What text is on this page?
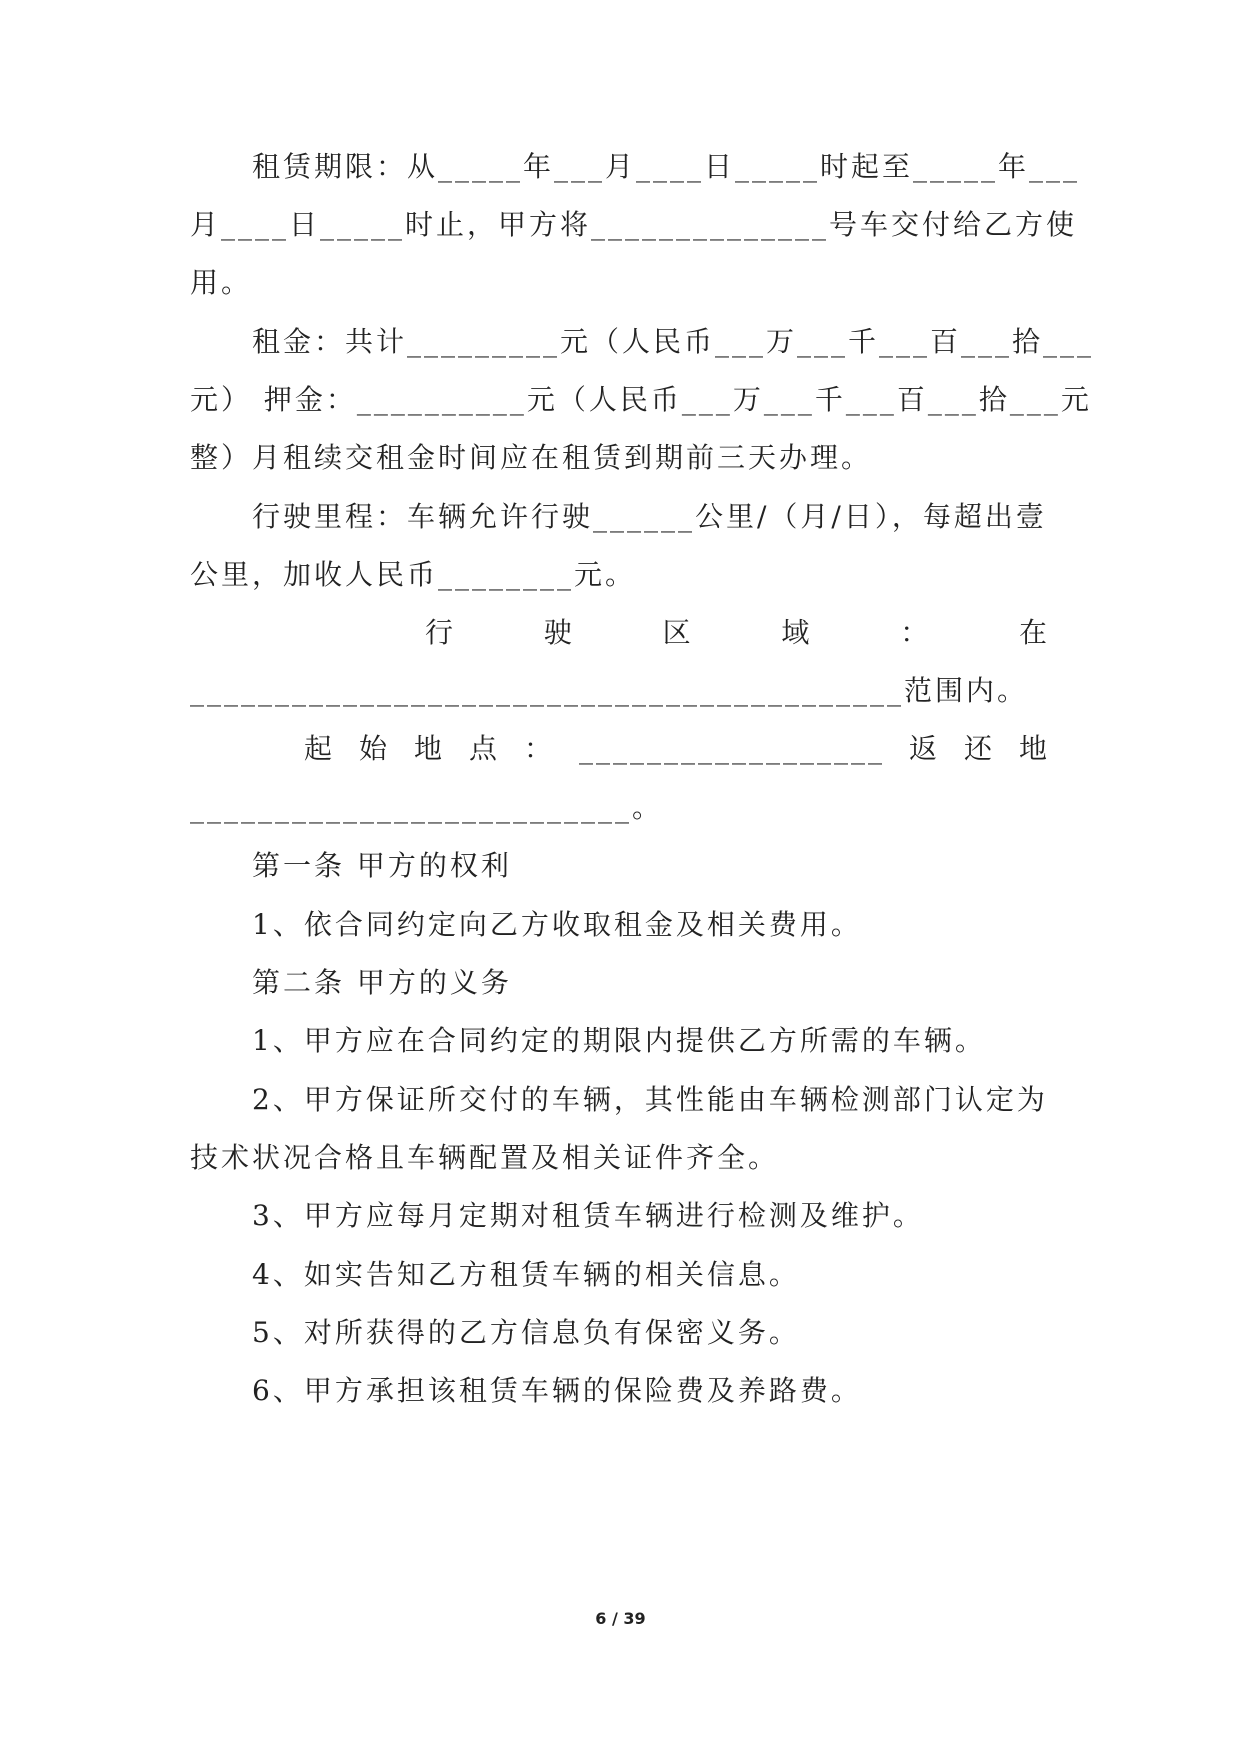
租赁期限：从_____年___月____日_____时起至_____年___
月____日_____时止，甲方将______________号车交付给乙方使
用。
租金：共计_________元（人民币___万___千___百___拾___
元） 押金：__________元（人民币___万___千___百___拾___元
整）月租续交租金时间应在租赁到期前三天办理。
行驶里程：车辆允许行驶______公里/（月/日），每超出壹
公里，加收人民币________元。
行	驶	区	域	：	在
__________________________________________范围内。
起 始 地 点 ： __________________ 返 还 地
__________________________。
第一条 甲方的权利
1、依合同约定向乙方收取租金及相关费用。
第二条 甲方的义务
1、甲方应在合同约定的期限内提供乙方所需的车辆。
2、甲方保证所交付的车辆，其性能由车辆检测部门认定为
技术状况合格且车辆配置及相关证件齐全。
3、甲方应每月定期对租赁车辆进行检测及维护。
4、如实告知乙方租赁车辆的相关信息。
5、对所获得的乙方信息负有保密义务。
6、甲方承担该租赁车辆的保险费及养路费。
6 / 39
